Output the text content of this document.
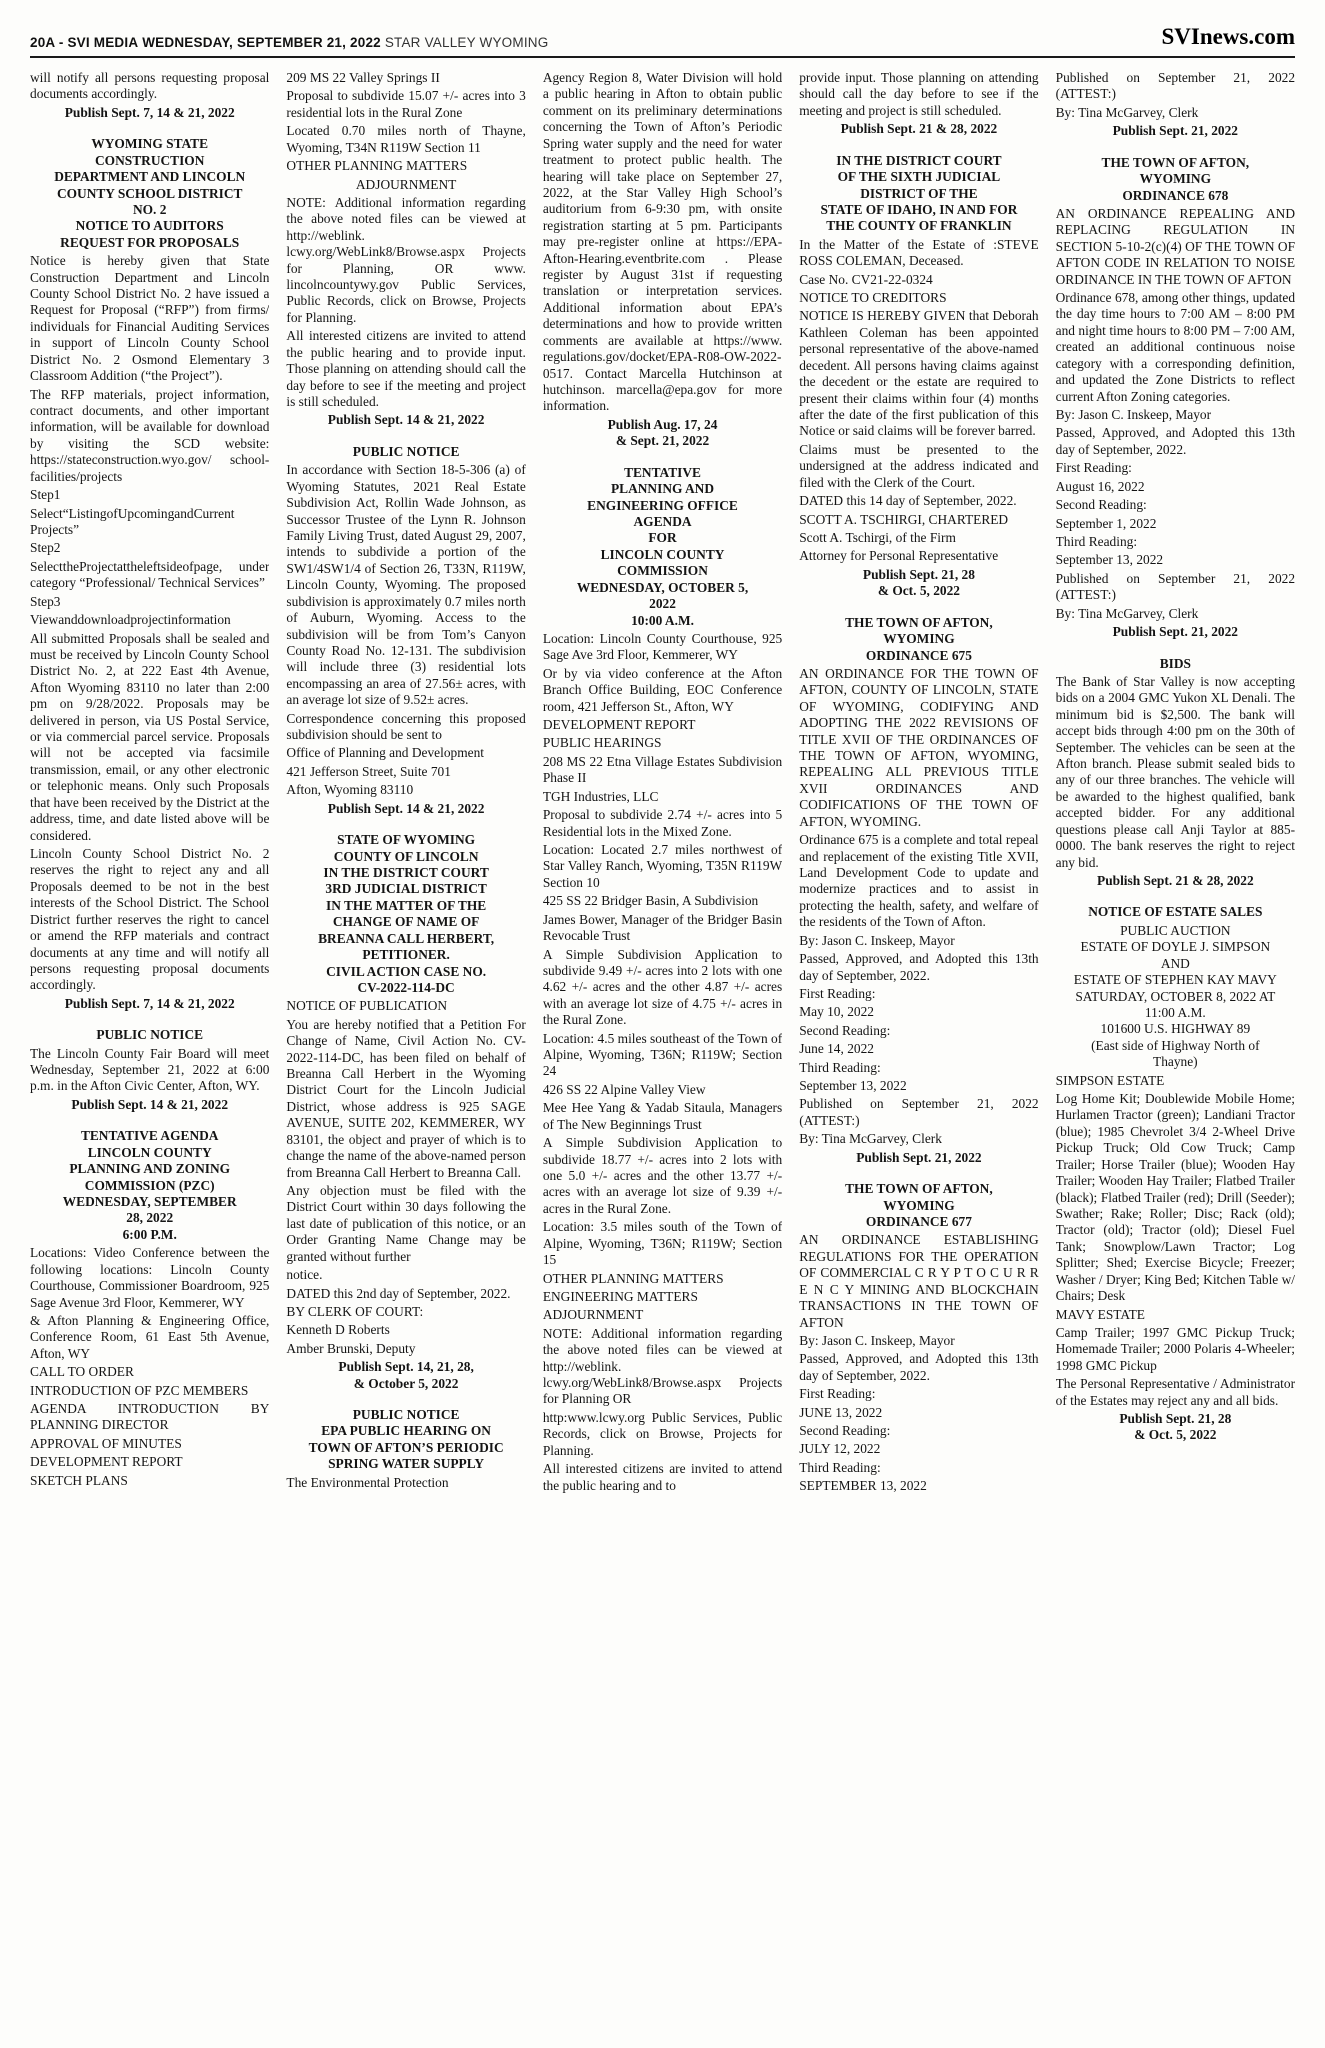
20A - SVI MEDIA WEDNESDAY, SEPTEMBER 21, 2022 STAR VALLEY WYOMING	SVInews.com

will notify all persons requesting proposal documents accordingly.

Publish Sept. 7, 14 & 21, 2022

WYOMING STATE
CONSTRUCTION
DEPARTMENT AND LINCOLN
COUNTY SCHOOL DISTRICT
NO. 2
NOTICE TO AUDITORS
REQUEST FOR PROPOSALS

Notice is hereby given that State Construction Department and Lincoln County School District No. 2 have issued a Request for Proposal (“RFP”) from firms/ individuals for Financial Auditing Services in support of Lincoln County School District No. 2 Osmond Elementary 3 Classroom Addition (“the Project”).

The RFP materials, project information, contract documents, and other important information, will be available for download by visiting the SCD website: https://stateconstruction.wyo.gov/ school-facilities/projects

Step1

Select“ListingofUpcomingandCurrent Projects”

Step2

SelecttheProjectattheleftsideofpage, under category “Professional/ Technical Services”

Step3

Viewanddownloadprojectinformation

All submitted Proposals shall be sealed and must be received by Lincoln County School District No. 2, at 222 East 4th Avenue, Afton Wyoming 83110 no later than 2:00 pm on 9/28/2022. Proposals may be delivered in person, via US Postal Service, or via commercial parcel service. Proposals will not be accepted via facsimile transmission, email, or any other electronic or telephonic means. Only such Proposals that have been received by the District at the address, time, and date listed above will be considered.

Lincoln County School District No. 2 reserves the right to reject any and all Proposals deemed to be not in the best interests of the School District. The School District further reserves the right to cancel or amend the RFP materials and contract documents at any time and will notify all persons requesting proposal documents accordingly.

Publish Sept. 7, 14 & 21, 2022

PUBLIC NOTICE

The Lincoln County Fair Board will meet Wednesday, September 21, 2022 at 6:00 p.m. in the Afton Civic Center, Afton, WY.

Publish Sept. 14 & 21, 2022

TENTATIVE AGENDA
LINCOLN COUNTY
PLANNING AND ZONING
COMMISSION (PZC)
WEDNESDAY, SEPTEMBER
28, 2022
6:00 P.M.

Locations: Video Conference between the following locations: Lincoln County Courthouse, Commissioner Boardroom, 925 Sage Avenue 3rd Floor, Kemmerer, WY

& Afton Planning & Engineering Office, Conference Room, 61 East 5th Avenue, Afton, WY

CALL TO ORDER

INTRODUCTION OF PZC MEMBERS

AGENDA INTRODUCTION BY PLANNING DIRECTOR

APPROVAL OF MINUTES

DEVELOPMENT REPORT

SKETCH PLANS

209 MS 22 Valley Springs II

Proposal to subdivide 15.07 +/- acres into 3 residential lots in the Rural Zone

Located 0.70 miles north of Thayne, Wyoming, T34N R119W Section 11

OTHER PLANNING MATTERS

ADJOURNMENT

NOTE: Additional information regarding the above noted files can be viewed at http://weblink. lcwy.org/WebLink8/Browse.aspx Projects for Planning, OR www. lincolncountywy.gov Public Services, Public Records, click on Browse, Projects for Planning.

All interested citizens are invited to attend the public hearing and to provide input. Those planning on attending should call the day before to see if the meeting and project is still scheduled.

Publish Sept. 14 & 21, 2022

PUBLIC NOTICE

In accordance with Section 18-5-306 (a) of Wyoming Statutes, 2021 Real Estate Subdivision Act, Rollin Wade Johnson, as Successor Trustee of the Lynn R. Johnson Family Living Trust, dated August 29, 2007, intends to subdivide a portion of the SW1/4SW1/4 of Section 26, T33N, R119W, Lincoln County, Wyoming. The proposed subdivision is approximately 0.7 miles north of Auburn, Wyoming. Access to the subdivision will be from Tom’s Canyon County Road No. 12-131. The subdivision will include three (3) residential lots encompassing an area of 27.56± acres, with an average lot size of 9.52± acres.

Correspondence concerning this proposed subdivision should be sent to

Office of Planning and Development

421 Jefferson Street, Suite 701

Afton, Wyoming 83110

Publish Sept. 14 & 21, 2022

STATE OF WYOMING
COUNTY OF LINCOLN
IN THE DISTRICT COURT
3RD JUDICIAL DISTRICT
IN THE MATTER OF THE
CHANGE OF NAME OF
BREANNA CALL HERBERT,
PETITIONER.
CIVIL ACTION CASE NO.
CV-2022-114-DC

NOTICE OF PUBLICATION

You are hereby notified that a Petition For Change of Name, Civil Action No. CV-2022-114-DC, has been filed on behalf of Breanna Call Herbert in the Wyoming District Court for the Lincoln Judicial District, whose address is 925 SAGE AVENUE, SUITE 202, KEMMERER, WY 83101, the object and prayer of which is to change the name of the above-named person from Breanna Call Herbert to Breanna Call.

Any objection must be filed with the District Court within 30 days following the last date of publication of this notice, or an Order Granting Name Change may be granted without further

notice.

DATED this 2nd day of September, 2022.

BY CLERK OF COURT:

Kenneth D Roberts

Amber Brunski, Deputy

Publish Sept. 14, 21, 28,
& October 5, 2022

PUBLIC NOTICE
EPA PUBLIC HEARING ON
TOWN OF AFTON’S PERIODIC
SPRING WATER SUPPLY

The Environmental Protection

Agency Region 8, Water Division will hold a public hearing in Afton to obtain public comment on its preliminary determinations concerning the Town of Afton’s Periodic Spring water supply and the need for water treatment to protect public health. The hearing will take place on September 27, 2022, at the Star Valley High School’s auditorium from 6-9:30 pm, with onsite registration starting at 5 pm. Participants may pre-register online at https://EPA-Afton-Hearing.eventbrite.com . Please register by August 31st if requesting translation or interpretation services. Additional information about EPA’s determinations and how to provide written comments are available at https://www. regulations.gov/docket/EPA-R08-OW-2022-0517. Contact Marcella Hutchinson at hutchinson. marcella@epa.gov for more information.

Publish Aug. 17, 24
& Sept. 21, 2022

TENTATIVE
PLANNING AND
ENGINEERING OFFICE
AGENDA
FOR
LINCOLN COUNTY
COMMISSION
WEDNESDAY, OCTOBER 5,
2022
10:00 A.M.

Location: Lincoln County Courthouse, 925 Sage Ave 3rd Floor, Kemmerer, WY

Or by via video conference at the Afton Branch Office Building, EOC Conference room, 421 Jefferson St., Afton, WY

DEVELOPMENT REPORT

PUBLIC HEARINGS

208 MS 22 Etna Village Estates Subdivision Phase II

TGH Industries, LLC

Proposal to subdivide 2.74 +/- acres into 5 Residential lots in the Mixed Zone.

Location: Located 2.7 miles northwest of Star Valley Ranch, Wyoming, T35N R119W Section 10

425 SS 22 Bridger Basin, A Subdivision

James Bower, Manager of the Bridger Basin Revocable Trust

A Simple Subdivision Application to subdivide 9.49 +/- acres into 2 lots with one 4.62 +/- acres and the other 4.87 +/- acres with an average lot size of 4.75 +/- acres in the Rural Zone.

Location: 4.5 miles southeast of the Town of Alpine, Wyoming, T36N; R119W; Section 24

426 SS 22 Alpine Valley View

Mee Hee Yang & Yadab Sitaula, Managers of The New Beginnings Trust

A Simple Subdivision Application to subdivide 18.77 +/- acres into 2 lots with one 5.0 +/- acres and the other 13.77 +/- acres with an average lot size of 9.39 +/- acres in the Rural Zone.

Location: 3.5 miles south of the Town of Alpine, Wyoming, T36N; R119W; Section 15

OTHER PLANNING MATTERS

ENGINEERING MATTERS

ADJOURNMENT

NOTE: Additional information regarding the above noted files can be viewed at http://weblink. lcwy.org/WebLink8/Browse.aspx Projects for Planning OR

http:www.lcwy.org Public Services, Public Records, click on Browse, Projects for Planning.

All interested citizens are invited to attend the public hearing and to

provide input. Those planning on attending should call the day before to see if the meeting and project is still scheduled.

Publish Sept. 21 & 28, 2022

IN THE DISTRICT COURT
OF THE SIXTH JUDICIAL
DISTRICT OF THE
STATE OF IDAHO, IN AND FOR
THE COUNTY OF FRANKLIN

In the Matter of the Estate of :STEVE ROSS COLEMAN, Deceased.

Case No. CV21-22-0324

NOTICE TO CREDITORS

NOTICE IS HEREBY GIVEN that Deborah Kathleen Coleman has been appointed personal representative of the above-named decedent. All persons having claims against the decedent or the estate are required to present their claims within four (4) months after the date of the first publication of this Notice or said claims will be forever barred.

Claims must be presented to the undersigned at the address indicated and filed with the Clerk of the Court.

DATED this 14 day of September, 2022.

SCOTT A. TSCHIRGI, CHARTERED

Scott A. Tschirgi, of the Firm

Attorney for Personal Representative

Publish Sept. 21, 28
& Oct. 5, 2022

THE TOWN OF AFTON,
WYOMING
ORDINANCE 675

AN ORDINANCE FOR THE TOWN OF AFTON, COUNTY OF LINCOLN, STATE OF WYOMING, CODIFYING AND ADOPTING THE 2022 REVISIONS OF TITLE XVII OF THE ORDINANCES OF THE TOWN OF AFTON, WYOMING, REPEALING ALL PREVIOUS TITLE XVII ORDINANCES AND CODIFICATIONS OF THE TOWN OF AFTON, WYOMING.

Ordinance 675 is a complete and total repeal and replacement of the existing Title XVII, Land Development Code to update and modernize practices and to assist in protecting the health, safety, and welfare of the residents of the Town of Afton.

By: Jason C. Inskeep, Mayor

Passed, Approved, and Adopted this 13th day of September, 2022.

First Reading:

May 10, 2022

Second Reading:

June 14, 2022

Third Reading:

September 13, 2022

Published on September 21, 2022 (ATTEST:)

By: Tina McGarvey, Clerk

Publish Sept. 21, 2022

THE TOWN OF AFTON,
WYOMING
ORDINANCE 677

AN ORDINANCE ESTABLISHING REGULATIONS FOR THE OPERATION OF COMMERCIAL C R Y P T O C U R R E N C Y MINING AND BLOCKCHAIN TRANSACTIONS IN THE TOWN OF AFTON

By: Jason C. Inskeep, Mayor

Passed, Approved, and Adopted this 13th day of September, 2022.

First Reading:

JUNE 13, 2022

Second Reading:

JULY 12, 2022

Third Reading:

SEPTEMBER 13, 2022

Published on September 21, 2022 (ATTEST:)

By: Tina McGarvey, Clerk

Publish Sept. 21, 2022

THE TOWN OF AFTON,
WYOMING
ORDINANCE 678

AN ORDINANCE REPEALING AND REPLACING REGULATION IN SECTION 5-10-2(c)(4) OF THE TOWN OF AFTON CODE IN RELATION TO NOISE ORDINANCE IN THE TOWN OF AFTON

Ordinance 678, among other things, updated the day time hours to 7:00 AM – 8:00 PM and night time hours to 8:00 PM – 7:00 AM, created an additional continuous noise category with a corresponding definition, and updated the Zone Districts to reflect current Afton Zoning categories.

By: Jason C. Inskeep, Mayor

Passed, Approved, and Adopted this 13th day of September, 2022.

First Reading:

August 16, 2022

Second Reading:

September 1, 2022

Third Reading:

September 13, 2022

Published on September 21, 2022 (ATTEST:)

By: Tina McGarvey, Clerk

Publish Sept. 21, 2022

BIDS

The Bank of Star Valley is now accepting bids on a 2004 GMC Yukon XL Denali. The minimum bid is $2,500. The bank will accept bids through 4:00 pm on the 30th of September. The vehicles can be seen at the Afton branch. Please submit sealed bids to any of our three branches. The vehicle will be awarded to the highest qualified, bank accepted bidder. For any additional questions please call Anji Taylor at 885- 0000. The bank reserves the right to reject any bid.

Publish Sept. 21 & 28, 2022

NOTICE OF ESTATE SALES

PUBLIC AUCTION
ESTATE OF DOYLE J. SIMPSON
AND
ESTATE OF STEPHEN KAY MAVY
SATURDAY, OCTOBER 8, 2022 AT
11:00 A.M.
101600 U.S. HIGHWAY 89
(East side of Highway North of
Thayne)

SIMPSON ESTATE

Log Home Kit; Doublewide Mobile Home; Hurlamen Tractor (green); Landiani Tractor (blue); 1985 Chevrolet 3/4 2-Wheel Drive Pickup Truck; Old Cow Truck; Camp Trailer; Horse Trailer (blue); Wooden Hay Trailer; Wooden Hay Trailer; Flatbed Trailer (black); Flatbed Trailer (red); Drill (Seeder); Swather; Rake; Roller; Disc; Rack (old); Tractor (old); Tractor (old); Diesel Fuel Tank; Snowplow/Lawn Tractor; Log Splitter; Shed; Exercise Bicycle; Freezer; Washer / Dryer; King Bed; Kitchen Table w/ Chairs; Desk

MAVY ESTATE

Camp Trailer; 1997 GMC Pickup Truck; Homemade Trailer; 2000 Polaris 4-Wheeler; 1998 GMC Pickup

The Personal Representative / Administrator of the Estates may reject any and all bids.

Publish Sept. 21, 28
& Oct. 5, 2022
